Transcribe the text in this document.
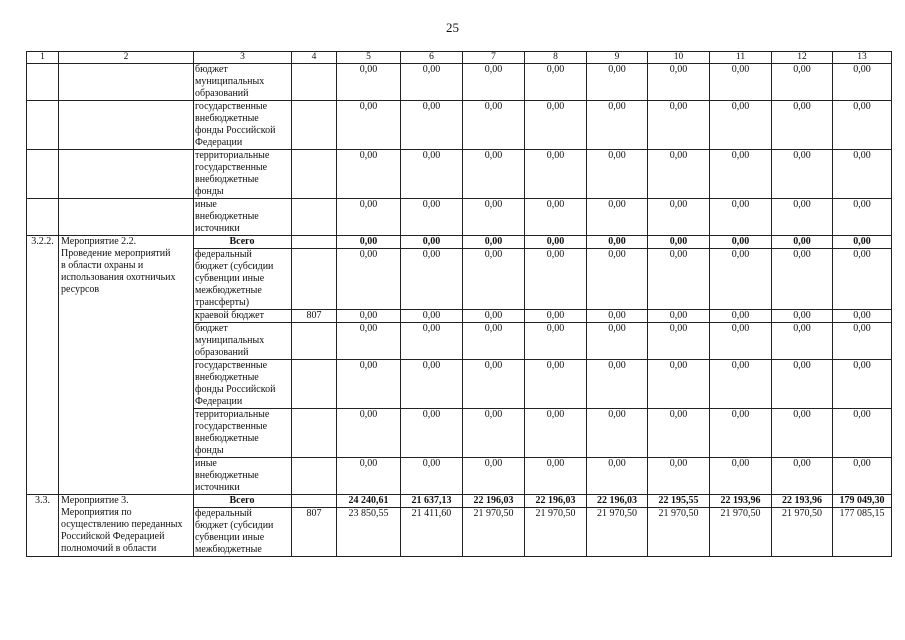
25
1	2	3	4	5	6	7	8	9	10	11	12	13
		бюджет
муниципальных
образований		0,00	0,00	0,00	0,00	0,00	0,00	0,00	0,00	0,00
		государственные
внебюджетные
фонды Российской
Федерации		0,00	0,00	0,00	0,00	0,00	0,00	0,00	0,00	0,00
		территориальные
государственные
внебюджетные
фонды		0,00	0,00	0,00	0,00	0,00	0,00	0,00	0,00	0,00
		иные
внебюджетные
источники		0,00	0,00	0,00	0,00	0,00	0,00	0,00	0,00	0,00
3.2.2.	Мероприятие 2.2.
Проведение мероприятий
в области охраны и
использования охотничьих
ресурсов	Всего		0,00	0,00	0,00	0,00	0,00	0,00	0,00	0,00	0,00
		федеральный
бюджет (субсидии
субвенции иные
межбюджетные
трансферты)		0,00	0,00	0,00	0,00	0,00	0,00	0,00	0,00	0,00
		краевой бюджет	807	0,00	0,00	0,00	0,00	0,00	0,00	0,00	0,00	0,00
		бюджет
муниципальных
образований		0,00	0,00	0,00	0,00	0,00	0,00	0,00	0,00	0,00
		государственные
внебюджетные
фонды Российской
Федерации		0,00	0,00	0,00	0,00	0,00	0,00	0,00	0,00	0,00
		территориальные
государственные
внебюджетные
фонды		0,00	0,00	0,00	0,00	0,00	0,00	0,00	0,00	0,00
		иные
внебюджетные
источники		0,00	0,00	0,00	0,00	0,00	0,00	0,00	0,00	0,00
3.3.	Мероприятие 3.
Мероприятия по
осуществлению переданных
Российской Федерацией
полномочий в области	Всего		24 240,61	21 637,13	22 196,03	22 196,03	22 196,03	22 195,55	22 193,96	22 193,96	179 049,30
		федеральный
бюджет (субсидии
субвенции иные
межбюджетные	807	23 850,55	21 411,60	21 970,50	21 970,50	21 970,50	21 970,50	21 970,50	21 970,50	177 085,15
